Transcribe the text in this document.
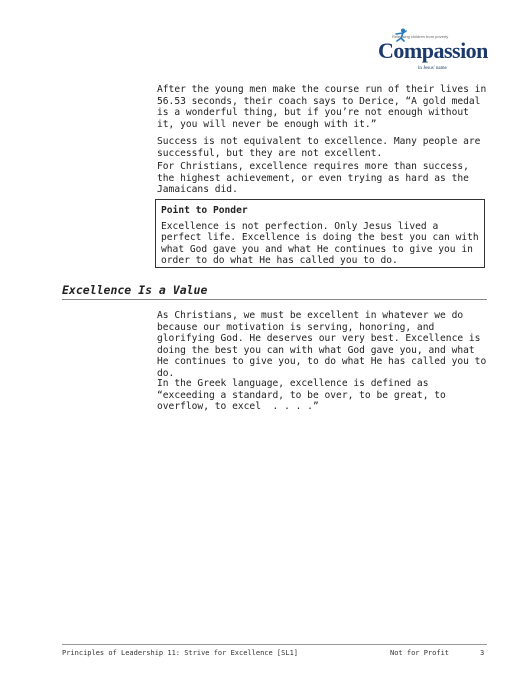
Releasing children from poverty
Compassion
in Jesus' name

After the young men make the course run of their lives in

56.53 seconds, their coach says to Derice, “A gold medal

is a wonderful thing, but if you’re not enough without

it, you will never be enough with it.”

Success is not equivalent to excellence. Many people are

successful, but they are not excellent.

For Christians, excellence requires more than success,

the highest achievement, or even trying as hard as the

Jamaicans did.

Point to Ponder
Excellence is not perfection. Only Jesus lived a
perfect life. Excellence is doing the best you can with
what God gave you and what He continues to give you in
order to do what He has called you to do.
Excellence Is a Value

As Christians, we must be excellent in whatever we do

because our motivation is serving, honoring, and

glorifying God. He deserves our very best. Excellence is

doing the best you can with what God gave you, and what

He continues to give you, to do what He has called you to

do.

In the Greek language, excellence is defined as

“exceeding a standard, to be over, to be great, to

overflow, to excel  . . . .”

Principles of Leadership 11: Strive for Excellence [SL1]	Not for Profit	3
